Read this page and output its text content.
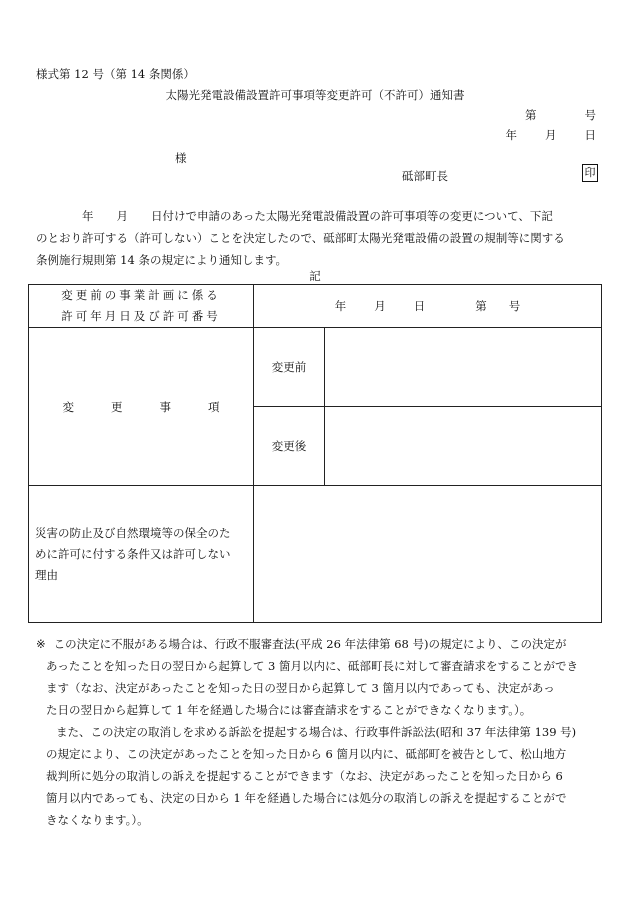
様式第 12 号（第 14 条関係）
太陽光発電設備設置許可事項等変更許可（不許可）通知書
第	号
年 月 日
様
砥部町長	印

　　　　年　　月　　日付けで申請のあった太陽光発電設備設置の許可事項等の変更について、下記

のとおり許可する（許可しない）ことを決定したので、砥部町太陽光発電設備の設置の規制等に関する

条例施行規則第 14 条の規定により通知します。

記
変更前の事業計画に係る
許可年月日及び許可番号	年 月 日 第 号	
変 更 事 項	変更前	
	変更後	

災害の防止及び自然環境等の保全のた
めに許可に付する条件又は許可しない
理由		

※この決定に不服がある場合は、行政不服審査法(平成 26 年法律第 68 号)の規定により、この決定が

あったことを知った日の翌日から起算して 3 箇月以内に、砥部町長に対して審査請求をすることができ

ます（なお、決定があったことを知った日の翌日から起算して 3 箇月以内であっても、決定があっ

た日の翌日から起算して 1 年を経過した場合には審査請求をすることができなくなります。）。

また、この決定の取消しを求める訴訟を提起する場合は、行政事件訴訟法(昭和 37 年法律第 139 号)

の規定により、この決定があったことを知った日から 6 箇月以内に、砥部町を被告として、松山地方

裁判所に処分の取消しの訴えを提起することができます（なお、決定があったことを知った日から 6

箇月以内であっても、決定の日から 1 年を経過した場合には処分の取消しの訴えを提起することがで

きなくなります。）。
